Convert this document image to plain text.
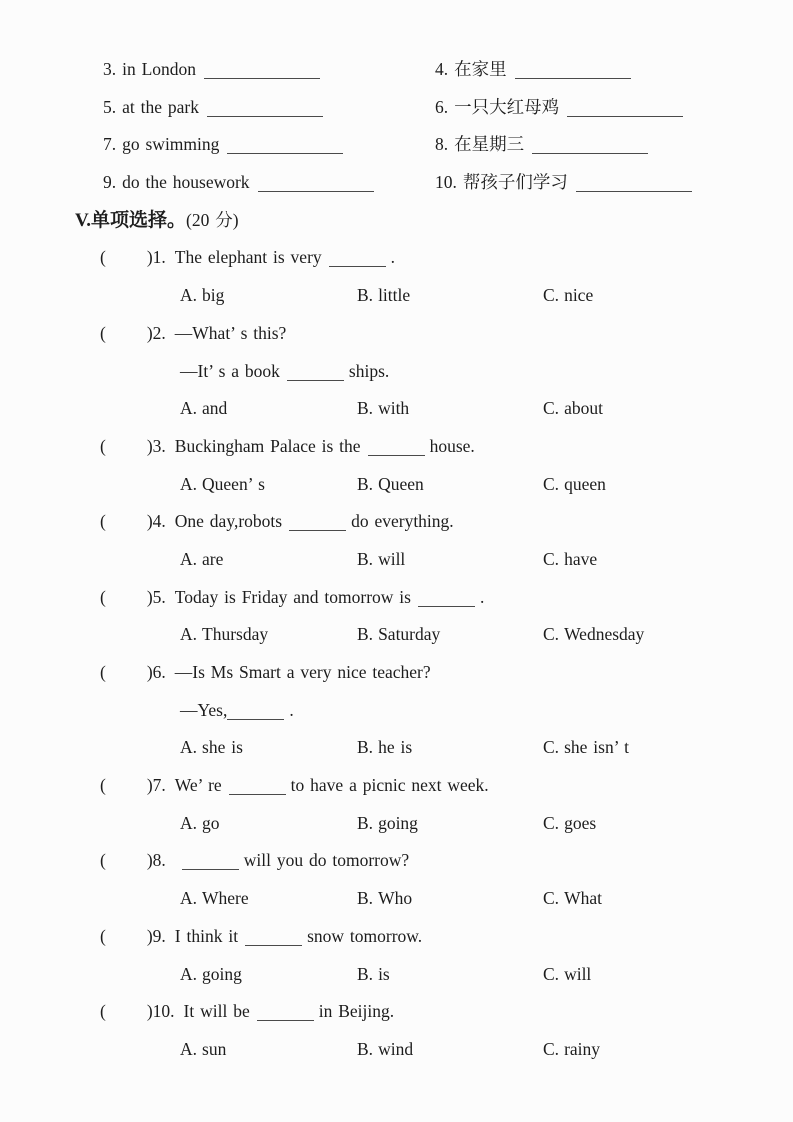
3. in London	4. 在家里
5. at the park	6. 一只大红母鸡
7. go swimming	8. 在星期三
9. do the housework	10. 帮孩子们学习
V.单项选择。(20 分)
( )1. The elephant is very	.
A. big	B. little	C. nice
( )2. —What’ s this?
—It’ s a book	ships.
A. and	B. with	C. about
( )3. Buckingham Palace is the	house.
A. Queen’ s	B. Queen	C. queen
( )4. One day,robots	do everything.
A. are	B. will	C. have
( )5. Today is Friday and tomorrow is	.
A. Thursday	B. Saturday	C. Wednesday
( )6. —Is Ms Smart a very nice teacher?
—Yes,	.
A. she is	B. he is	C. she isn’ t
( )7. We’ re	to have a picnic next week.
A. go	B. going	C. goes
( )8.	will you do tomorrow?
A. Where	B. Who	C. What
( )9. I think it	snow tomorrow.
A. going	B. is	C. will
( )10. It will be	in Beijing.
A. sun	B. wind	C. rainy
